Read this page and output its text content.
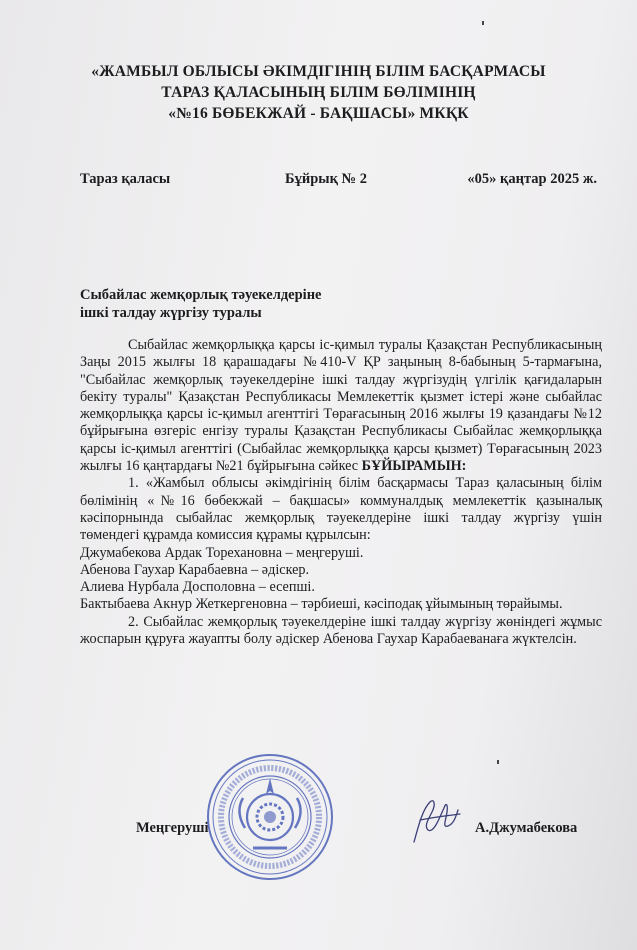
«ЖАМБЫЛ ОБЛЫСЫ ӘКІМДІГІНІҢ БІЛІМ БАСҚАРМАСЫ
ТАРАЗ ҚАЛАСЫНЫҢ БІЛІМ БӨЛІМІНІҢ
«№16 БӨБЕКЖАЙ - БАҚШАСЫ» МКҚК
Тараз қаласы	Бұйрық № 2	«05» қаңтар 2025 ж.
Сыбайлас жемқорлық тәуекелдеріне
ішкі талдау жүргізу туралы

Сыбайлас жемқорлыққа қарсы іс-қимыл туралы Қазақстан Республикасының Заңы 2015 жылғы 18 қарашадағы №410-V ҚР заңының 8-бабының 5-тармағына, "Сыбайлас жемқорлық тәуекелдеріне ішкі талдау жүргізудің үлгілік қағидаларын бекіту туралы" Қазақстан Республикасы Мемлекеттік қызмет істері және сыбайлас жемқорлыққа қарсы іс-қимыл агенттігі Төрағасының 2016 жылғы 19 қазандағы №12 бұйрығына өзгеріс енгізу туралы Қазақстан Республикасы Сыбайлас жемқорлыққа қарсы іс-қимыл агенттігі (Сыбайлас жемқорлыққа қарсы қызмет) Төрағасының 2023 жылғы 16 қаңтардағы №21 бұйрығына сәйкес БҰЙЫРАМЫН:

1. «Жамбыл облысы әкімдігінің білім басқармасы Тараз қаласының білім бөлімінің «№16 бөбекжай – бақшасы» коммуналдық мемлекеттік қазыналық кәсіпорнында сыбайлас жемқорлық тәуекелдеріне ішкі талдау жүргізу үшін төмендегі құрамда комиссия құрамы құрылсын:

Джумабекова Ардак Торехановна – меңгеруші.

Абенова Гаухар Карабаевна – әдіскер.

Алиева Нурбала Досполовна – есепші.

Бактыбаева Акнур Жеткергеновна – тәрбиеші, кәсіподақ ұйымының төрайымы.

2. Сыбайлас жемқорлық тәуекелдеріне ішкі талдау жүргізу жөніндегі жұмыс жоспарын құруға жауапты болу әдіскер Абенова Гаухар Карабаеванаға жүктелсін.

Меңгеруші	А.Джумабекова
